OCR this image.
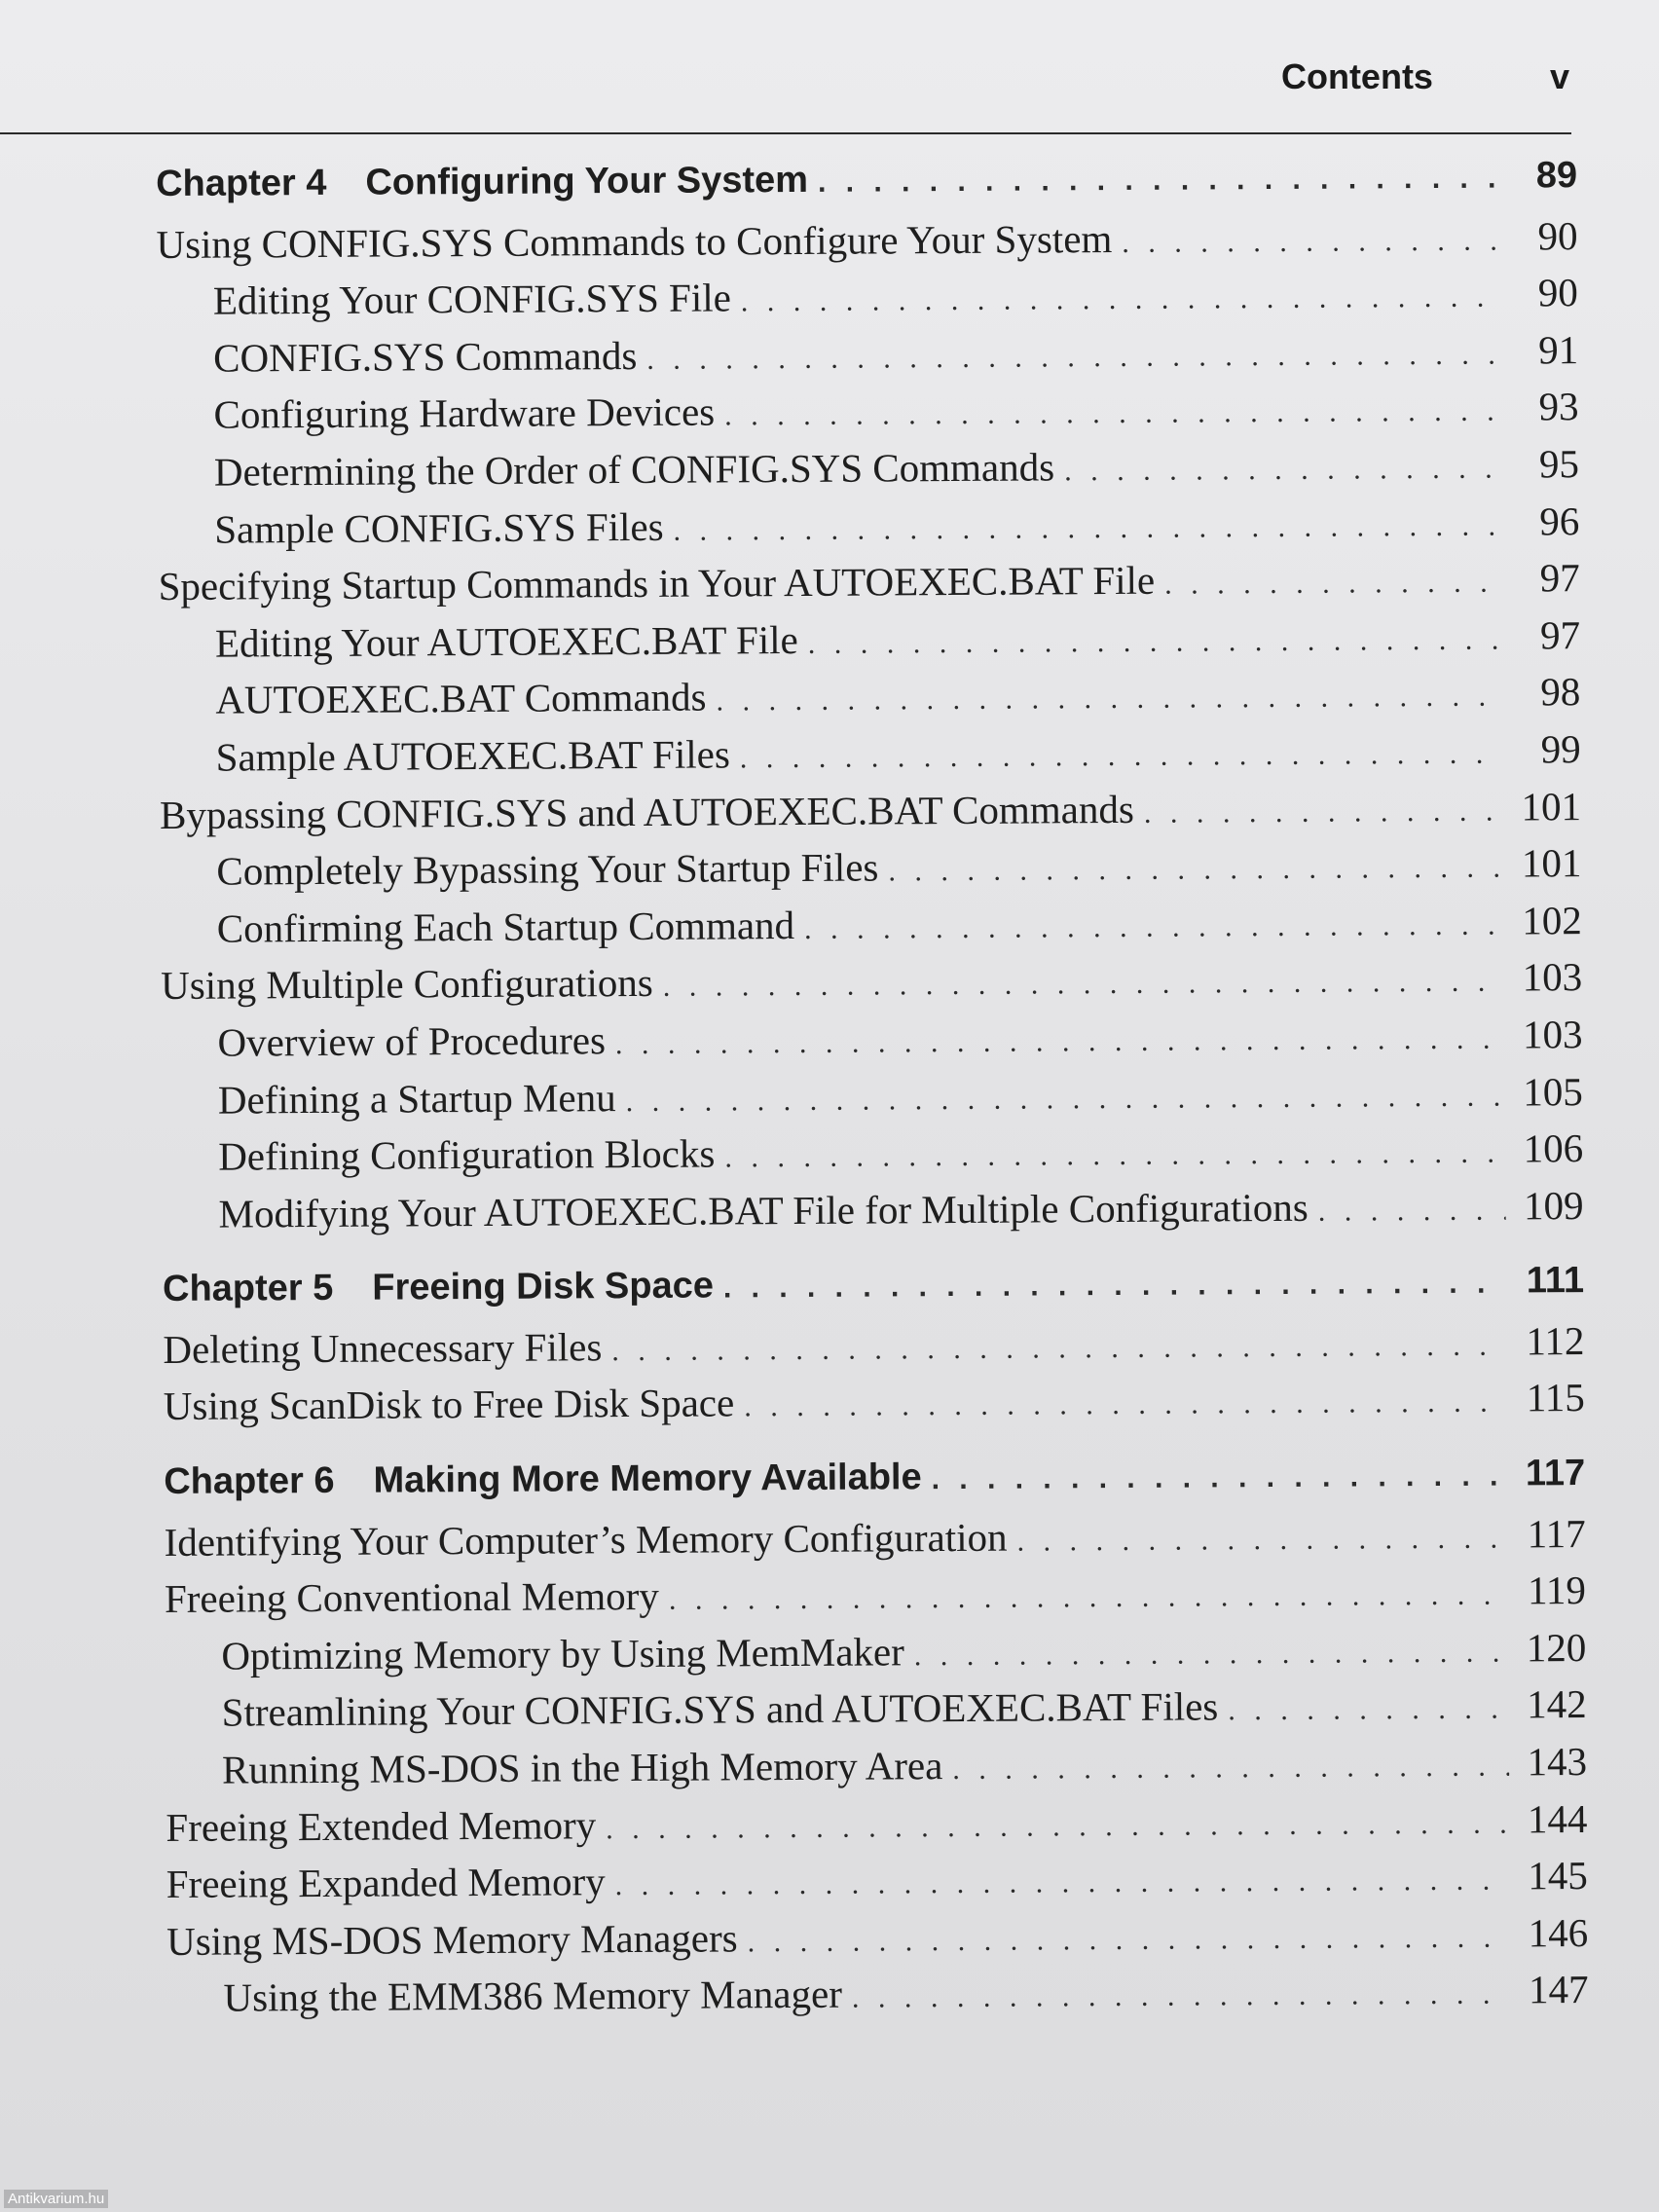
Contents	v
Chapter 4 Configuring Your System . . .	89
Using CONFIG.SYS Commands to Configure Your System . . .	90
Editing Your CONFIG.SYS File . . .	90
CONFIG.SYS Commands . . .	91
Configuring Hardware Devices . . .	93
Determining the Order of CONFIG.SYS Commands . . .	95
Sample CONFIG.SYS Files . . .	96
Specifying Startup Commands in Your AUTOEXEC.BAT File . . .	97
Editing Your AUTOEXEC.BAT File . . .	97
AUTOEXEC.BAT Commands . . .	98
Sample AUTOEXEC.BAT Files . . .	99
Bypassing CONFIG.SYS and AUTOEXEC.BAT Commands . . .	101
Completely Bypassing Your Startup Files . . .	101
Confirming Each Startup Command . . .	102
Using Multiple Configurations . . .	103
Overview of Procedures . . .	103
Defining a Startup Menu . . .	105
Defining Configuration Blocks . . .	106
Modifying Your AUTOEXEC.BAT File for Multiple Configurations . . .	109
Chapter 5 Freeing Disk Space . . .	111
Deleting Unnecessary Files . . .	112
Using ScanDisk to Free Disk Space . . .	115
Chapter 6 Making More Memory Available . . .	117
Identifying Your Computer’s Memory Configuration . . .	117
Freeing Conventional Memory . . .	119
Optimizing Memory by Using MemMaker . . .	120
Streamlining Your CONFIG.SYS and AUTOEXEC.BAT Files . . .	142
Running MS-DOS in the High Memory Area . . .	143
Freeing Extended Memory . . .	144
Freeing Expanded Memory . . .	145
Using MS-DOS Memory Managers . . .	146
Using the EMM386 Memory Manager . . .	147
Antikvarium.hu
